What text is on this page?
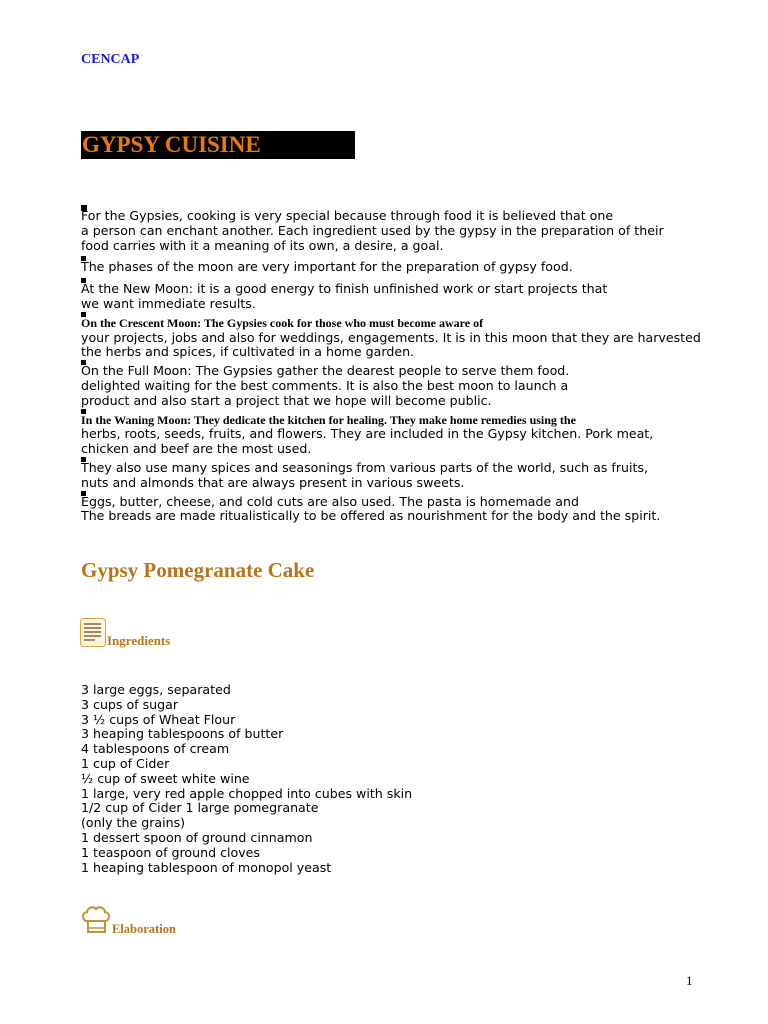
CENCAP

GYPSY CUISINE

For the Gypsies, cooking is very special because through food it is believed that one
a person can enchant another. Each ingredient used by the gypsy in the preparation of their
food carries with it a meaning of its own, a desire, a goal.

The phases of the moon are very important for the preparation of gypsy food.

At the New Moon: it is a good energy to finish unfinished work or start projects that
we want immediate results.

On the Crescent Moon: The Gypsies cook for those who must become aware of
your projects, jobs and also for weddings, engagements. It is in this moon that they are harvested
the herbs and spices, if cultivated in a home garden.

On the Full Moon: The Gypsies gather the dearest people to serve them food.
delighted waiting for the best comments. It is also the best moon to launch a
product and also start a project that we hope will become public.

In the Waning Moon: They dedicate the kitchen for healing. They make home remedies using the
herbs, roots, seeds, fruits, and flowers. They are included in the Gypsy kitchen. Pork meat,
chicken and beef are the most used.

They also use many spices and seasonings from various parts of the world, such as fruits,
nuts and almonds that are always present in various sweets.

Eggs, butter, cheese, and cold cuts are also used. The pasta is homemade and
The breads are made ritualistically to be offered as nourishment for the body and the spirit.

Gypsy Pomegranate Cake
Ingredients
3 large eggs, separated
3 cups of sugar
3 ½ cups of Wheat Flour
3 heaping tablespoons of butter
4 tablespoons of cream
1 cup of Cider
½ cup of sweet white wine
1 large, very red apple chopped into cubes with skin
1/2 cup of Cider 1 large pomegranate
(only the grains)
1 dessert spoon of ground cinnamon
1 teaspoon of ground cloves
1 heaping tablespoon of monopol yeast
Elaboration
1
